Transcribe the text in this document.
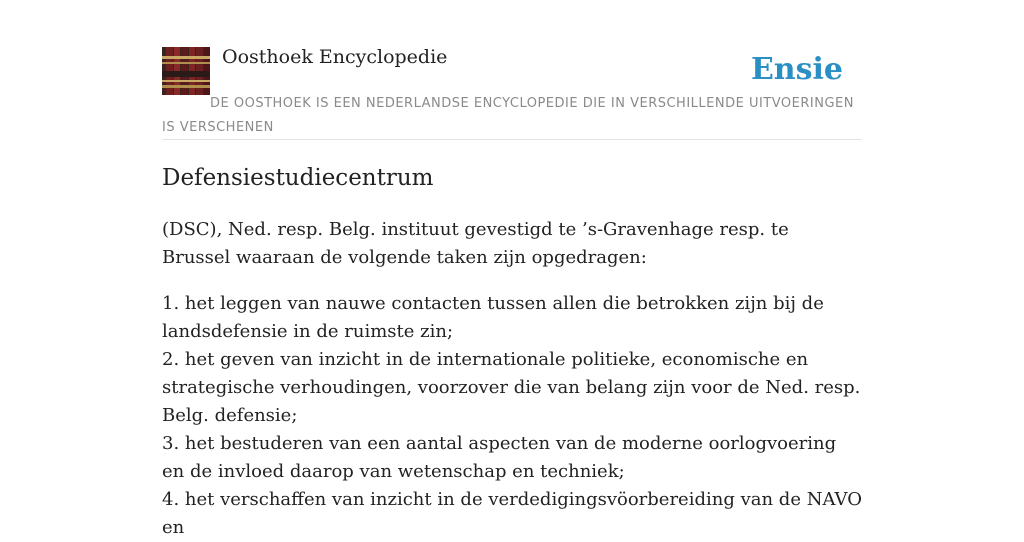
Oosthoek Encyclopedie	Ensie
DE OOSTHOEK IS EEN NEDERLANDSE ENCYCLOPEDIE DIE IN VERSCHILLENDE UITVOERINGEN IS VERSCHENEN
Defensiestudiecentrum

(DSC), Ned. resp. Belg. instituut gevestigd te ’s-Gravenhage resp. te Brussel waaraan de volgende taken zijn opgedragen:

1. het leggen van nauwe contacten tussen allen die betrokken zijn bij de landsdefensie in de ruimste zin;

2. het geven van inzicht in de internationale politieke, economische en strategische verhoudingen, voorzover die van belang zijn voor de Ned. resp. Belg. defensie;

3. het bestuderen van een aantal aspecten van de moderne oorlogvoering en de invloed daarop van wetenschap en techniek;

4. het verschaffen van inzicht in de verdedigingsvöorbereiding van de NAVO en
